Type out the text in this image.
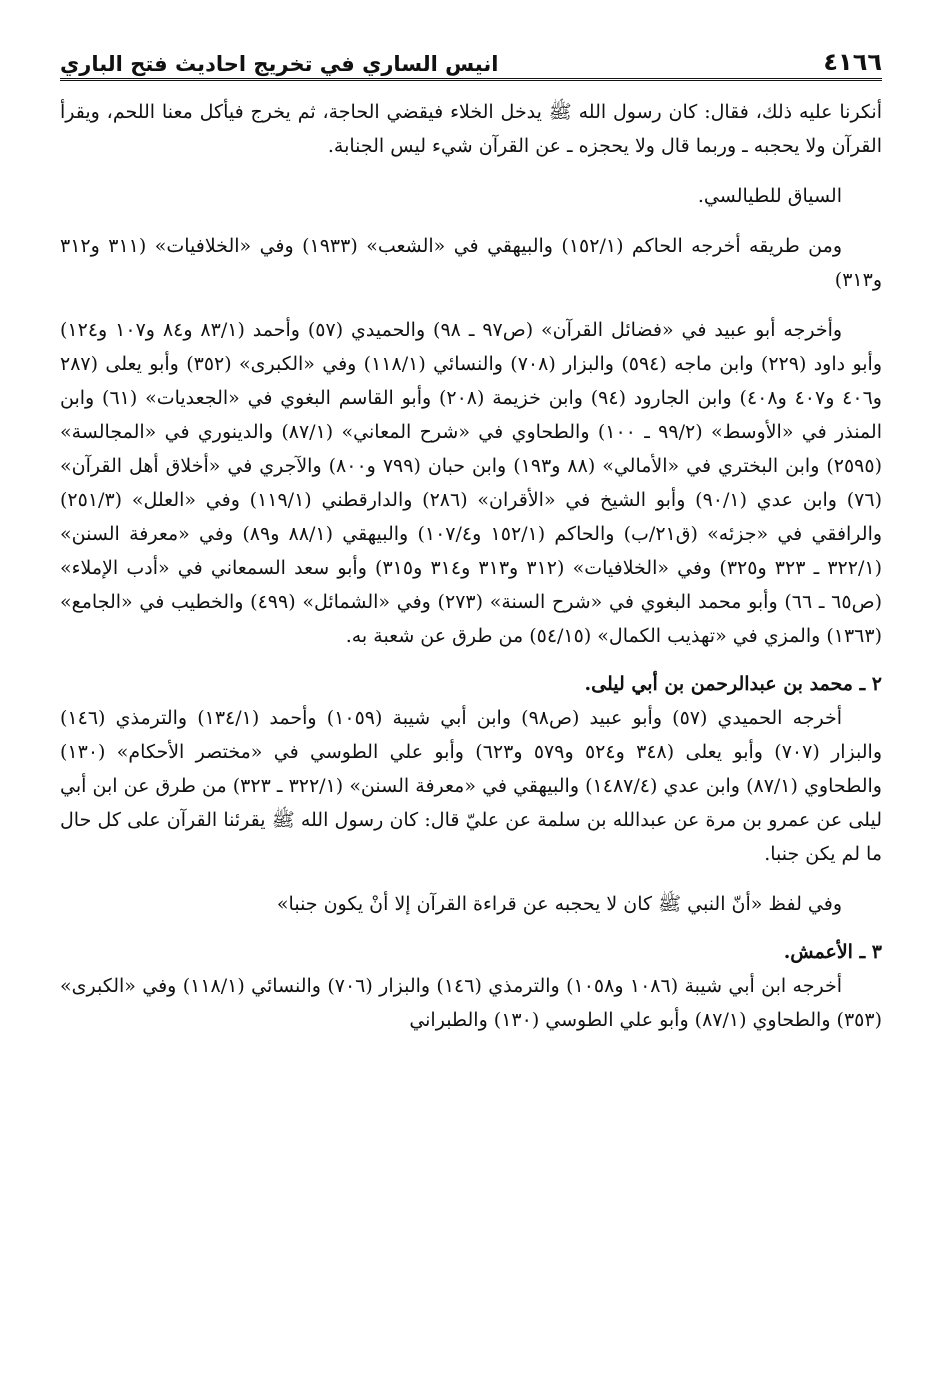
٤١٦٦
انيس الساري في تخريج احاديث فتح الباري

أنكرنا عليه ذلك، فقال: كان رسول الله ﷺ يدخل الخلاء فيقضي الحاجة، ثم يخرج فيأكل معنا اللحم، ويقرأ القرآن ولا يحجبه ـ وربما قال ولا يحجزه ـ عن القرآن شيء ليس الجنابة.

السياق للطيالسي.

ومن طريقه أخرجه الحاكم (١٥٢/١) والبيهقي في «الشعب» (١٩٣٣) وفي «الخلافيات» (٣١١ و٣١٢ و٣١٣)

وأخرجه أبو عبيد في «فضائل القرآن» (ص٩٧ ـ ٩٨) والحميدي (٥٧) وأحمد (٨٣/١ و٨٤ و١٠٧ و١٢٤) وأبو داود (٢٢٩) وابن ماجه (٥٩٤) والبزار (٧٠٨) والنسائي (١١٨/١) وفي «الكبرى» (٣٥٢) وأبو يعلى (٢٨٧ و٤٠٦ و٤٠٧ و٤٠٨) وابن الجارود (٩٤) وابن خزيمة (٢٠٨) وأبو القاسم البغوي في «الجعديات» (٦١) وابن المنذر في «الأوسط» (٩٩/٢ ـ ١٠٠) والطحاوي في «شرح المعاني» (٨٧/١) والدينوري في «المجالسة» (٢٥٩٥) وابن البختري في «الأمالي» (٨٨ و١٩٣) وابن حبان (٧٩٩ و٨٠٠) والآجري في «أخلاق أهل القرآن» (٧٦) وابن عدي (٩٠/١) وأبو الشيخ في «الأقران» (٢٨٦) والدارقطني (١١٩/١) وفي «العلل» (٢٥١/٣) والرافقي في «جزئه» (ق٢١/ب) والحاكم (١٥٢/١ و١٠٧/٤) والبيهقي (٨٨/١ و٨٩) وفي «معرفة السنن» (٣٢٢/١ ـ ٣٢٣ و٣٢٥) وفي «الخلافيات» (٣١٢ و٣١٣ و٣١٤ و٣١٥) وأبو سعد السمعاني في «أدب الإملاء» (ص٦٥ ـ ٦٦) وأبو محمد البغوي في «شرح السنة» (٢٧٣) وفي «الشمائل» (٤٩٩) والخطيب في «الجامع» (١٣٦٣) والمزي في «تهذيب الكمال» (٥٤/١٥) من طرق عن شعبة به.

٢ ـ محمد بن عبدالرحمن بن أبي ليلى.

أخرجه الحميدي (٥٧) وأبو عبيد (ص٩٨) وابن أبي شيبة (١٠٥٩) وأحمد (١٣٤/١) والترمذي (١٤٦) والبزار (٧٠٧) وأبو يعلى (٣٤٨ و٥٢٤ و٥٧٩ و٦٢٣) وأبو علي الطوسي في «مختصر الأحكام» (١٣٠) والطحاوي (٨٧/١) وابن عدي (١٤٨٧/٤) والبيهقي في «معرفة السنن» (٣٢٢/١ ـ ٣٢٣) من طرق عن ابن أبي ليلى عن عمرو بن مرة عن عبدالله بن سلمة عن عليّ قال: كان رسول الله ﷺ يقرئنا القرآن على كل حال ما لم يكن جنبا.

وفي لفظ «أنّ النبي ﷺ كان لا يحجبه عن قراءة القرآن إلا أنْ يكون جنبا»

٣ ـ الأعمش.

أخرجه ابن أبي شيبة (١٠٨٦ و١٠٥٨) والترمذي (١٤٦) والبزار (٧٠٦) والنسائي (١١٨/١) وفي «الكبرى» (٣٥٣) والطحاوي (٨٧/١) وأبو علي الطوسي (١٣٠) والطبراني
